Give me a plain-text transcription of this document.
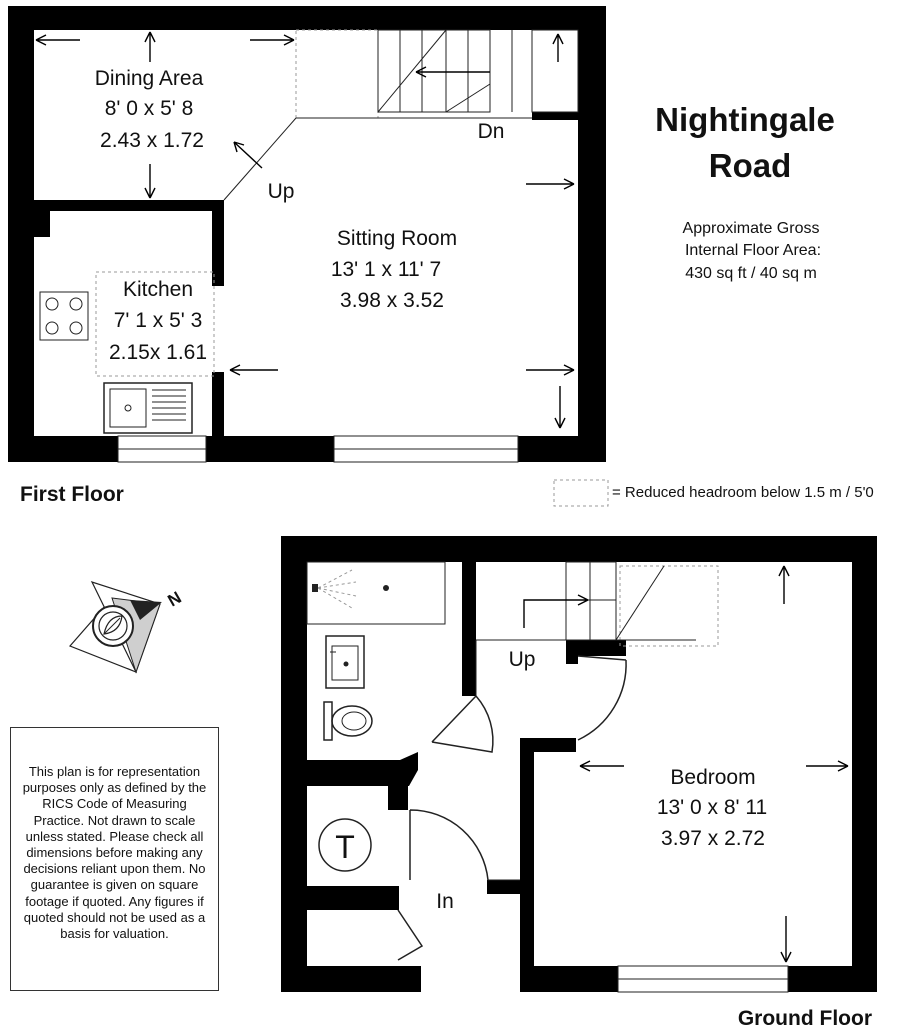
Dining Area
8' 0 x 5' 8
2.43 x 1.72	Dn
Up
Sitting Room
13' 1 x 11' 7
3.98 x 3.52
Kitchen
7' 1 x 5' 3
2.15x 1.61
Nightingale
Road
Approximate Gross
Internal Floor Area:
430 sq ft / 40 sq m
First Floor	= Reduced headroom below 1.5 m / 5'0
N
T
Up
In
Bedroom
13' 0 x 8' 11
3.97 x 2.72
Ground Floor
This plan is for representation purposes only as defined by the RICS Code of Measuring Practice. Not drawn to scale unless stated. Please check all dimensions before making any decisions reliant upon them. No guarantee is given on square footage if quoted. Any figures if quoted should not be used as a basis for valuation.
